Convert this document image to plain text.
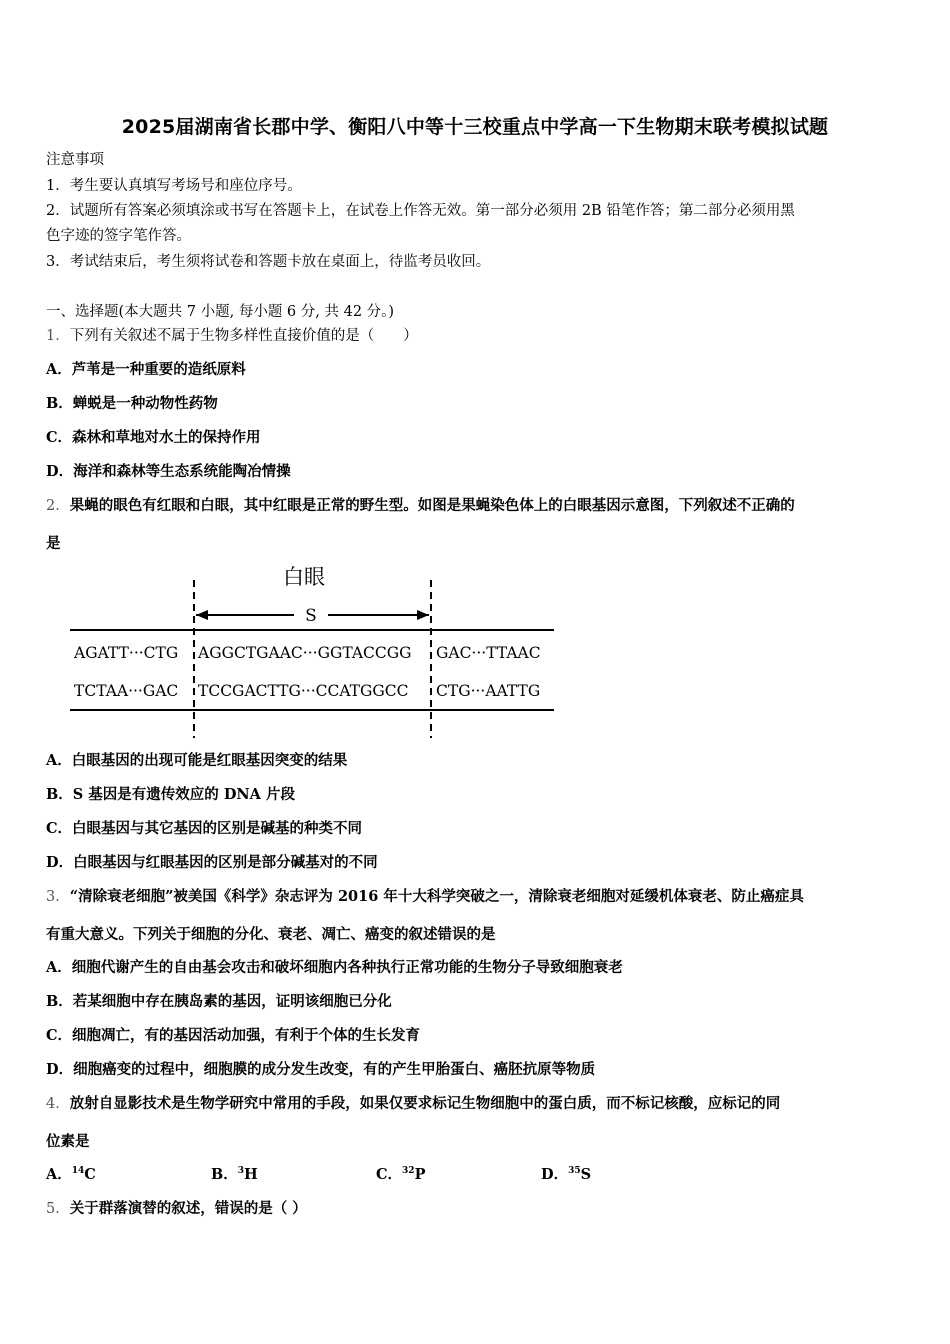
2025届湖南省长郡中学、衡阳八中等十三校重点中学高一下生物期末联考模拟试题
注意事项
1．考生要认真填写考场号和座位序号。
2．试题所有答案必须填涂或书写在答题卡上，在试卷上作答无效。第一部分必须用 2B 铅笔作答；第二部分必须用黑
色字迹的签字笔作答。
3．考试结束后，考生须将试卷和答题卡放在桌面上，待监考员收回。
一、选择题(本大题共 7 小题, 每小题 6 分, 共 42 分。)
1．下列有关叙述不属于生物多样性直接价值的是（　　）
A．芦苇是一种重要的造纸原料
B．蝉蜕是一种动物性药物
C．森林和草地对水土的保持作用
D．海洋和森林等生态系统能陶冶情操
2．果蝇的眼色有红眼和白眼，其中红眼是正常的野生型。如图是果蝇染色体上的白眼基因示意图，下列叙述不正确的
是
白眼
S
AGATT···CTG AGGCTGAAC···GGTACCGG GAC···TTAAC
TCTAA···GAC TCCGACTTG···CCATGGCC CTG···AATTG
A．白眼基因的出现可能是红眼基因突变的结果
B．S 基因是有遗传效应的 DNA 片段
C．白眼基因与其它基因的区别是碱基的种类不同
D．白眼基因与红眼基因的区别是部分碱基对的不同
3．“清除衰老细胞”被美国《科学》杂志评为 2016 年十大科学突破之一，清除衰老细胞对延缓机体衰老、防止癌症具
有重大意义。下列关于细胞的分化、衰老、凋亡、癌变的叙述错误的是
A．细胞代谢产生的自由基会攻击和破坏细胞内各种执行正常功能的生物分子导致细胞衰老
B．若某细胞中存在胰岛素的基因，证明该细胞已分化
C．细胞凋亡，有的基因活动加强，有利于个体的生长发育
D．细胞癌变的过程中，细胞膜的成分发生改变，有的产生甲胎蛋白、癌胚抗原等物质
4．放射自显影技术是生物学研究中常用的手段，如果仅要求标记生物细胞中的蛋白质，而不标记核酸，应标记的同
位素是
A．$^{14}$C	B．$^3$H	C．$^{32}$P	D．$^{35}$S
5．关于群落演替的叙述，错误的是（ ）
